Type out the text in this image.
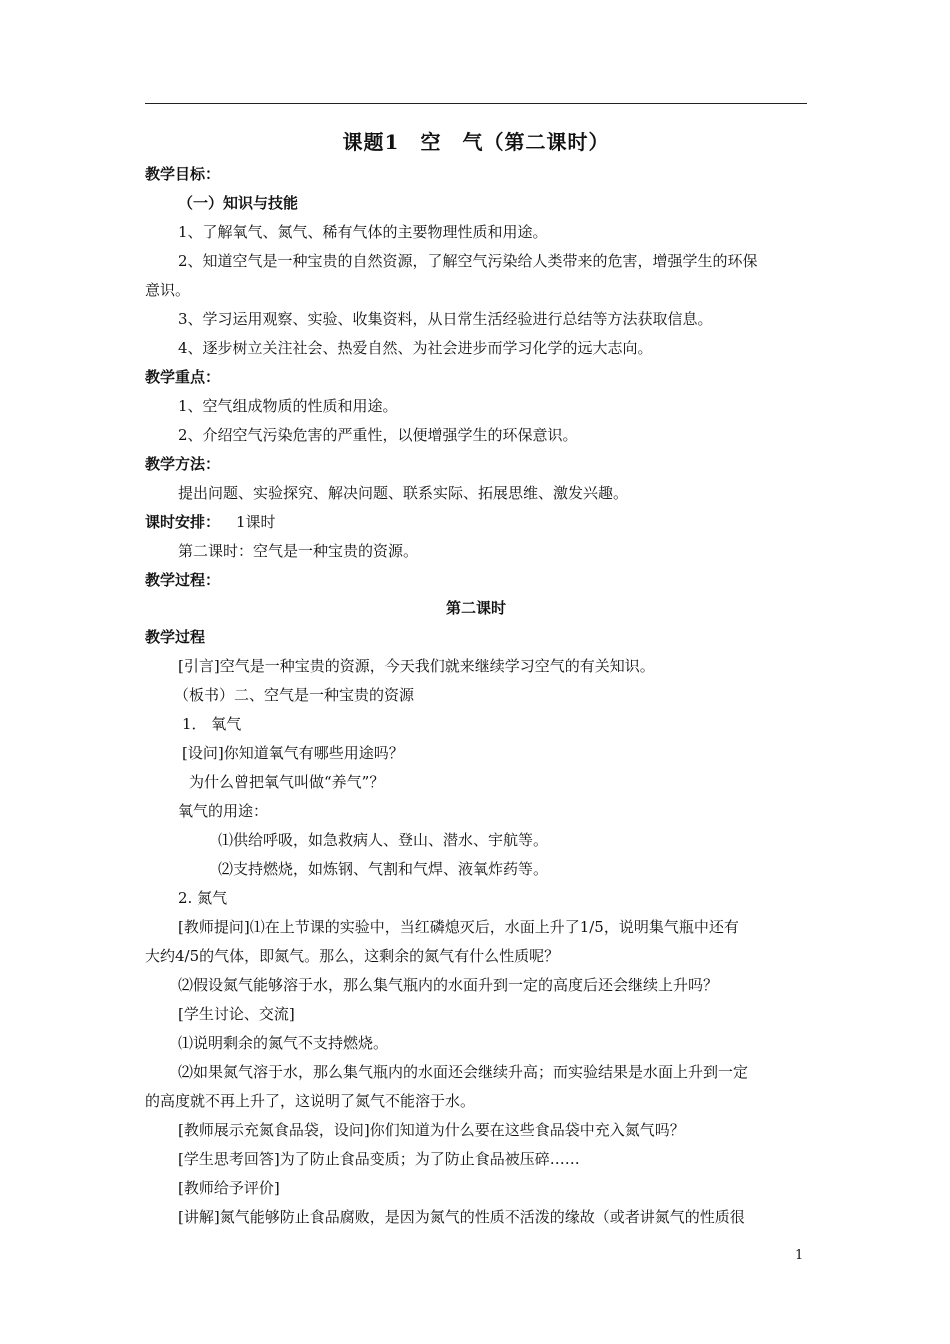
课题1　空　气（第二课时）
第二课时
教学目标：
（一）知识与技能
1、了解氧气、氮气、稀有气体的主要物理性质和用途。
2、知道空气是一种宝贵的自然资源，了解空气污染给人类带来的危害，增强学生的环保
意识。
3、学习运用观察、实验、收集资料，从日常生活经验进行总结等方法获取信息。
4、逐步树立关注社会、热爱自然、为社会进步而学习化学的远大志向。
教学重点：
1、空气组成物质的性质和用途。
2、介绍空气污染危害的严重性，以便增强学生的环保意识。
教学方法：
提出问题、实验探究、解决问题、联系实际、拓展思维、激发兴趣。
课时安排： 1课时
第二课时：空气是一种宝贵的资源。
教学过程：
教学过程
[引言]空气是一种宝贵的资源，今天我们就来继续学习空气的有关知识。
（板书）二、空气是一种宝贵的资源
1． 氧气
[设问]你知道氧气有哪些用途吗？
为什么曾把氧气叫做“养气”？
氧气的用途：
⑴供给呼吸，如急救病人、登山、潜水、宇航等。
⑵支持燃烧，如炼钢、气割和气焊、液氧炸药等。
2. 氮气
[教师提问]⑴在上节课的实验中，当红磷熄灭后，水面上升了1/5，说明集气瓶中还有
大约4/5的气体，即氮气。那么，这剩余的氮气有什么性质呢？
⑵假设氮气能够溶于水，那么集气瓶内的水面升到一定的高度后还会继续上升吗？
[学生讨论、交流]
⑴说明剩余的氮气不支持燃烧。
⑵如果氮气溶于水，那么集气瓶内的水面还会继续升高；而实验结果是水面上升到一定
的高度就不再上升了，这说明了氮气不能溶于水。
[教师展示充氮食品袋，设问]你们知道为什么要在这些食品袋中充入氮气吗？
[学生思考回答]为了防止食品变质；为了防止食品被压碎……
[教师给予评价]
[讲解]氮气能够防止食品腐败，是因为氮气的性质不活泼的缘故（或者讲氮气的性质很
1
